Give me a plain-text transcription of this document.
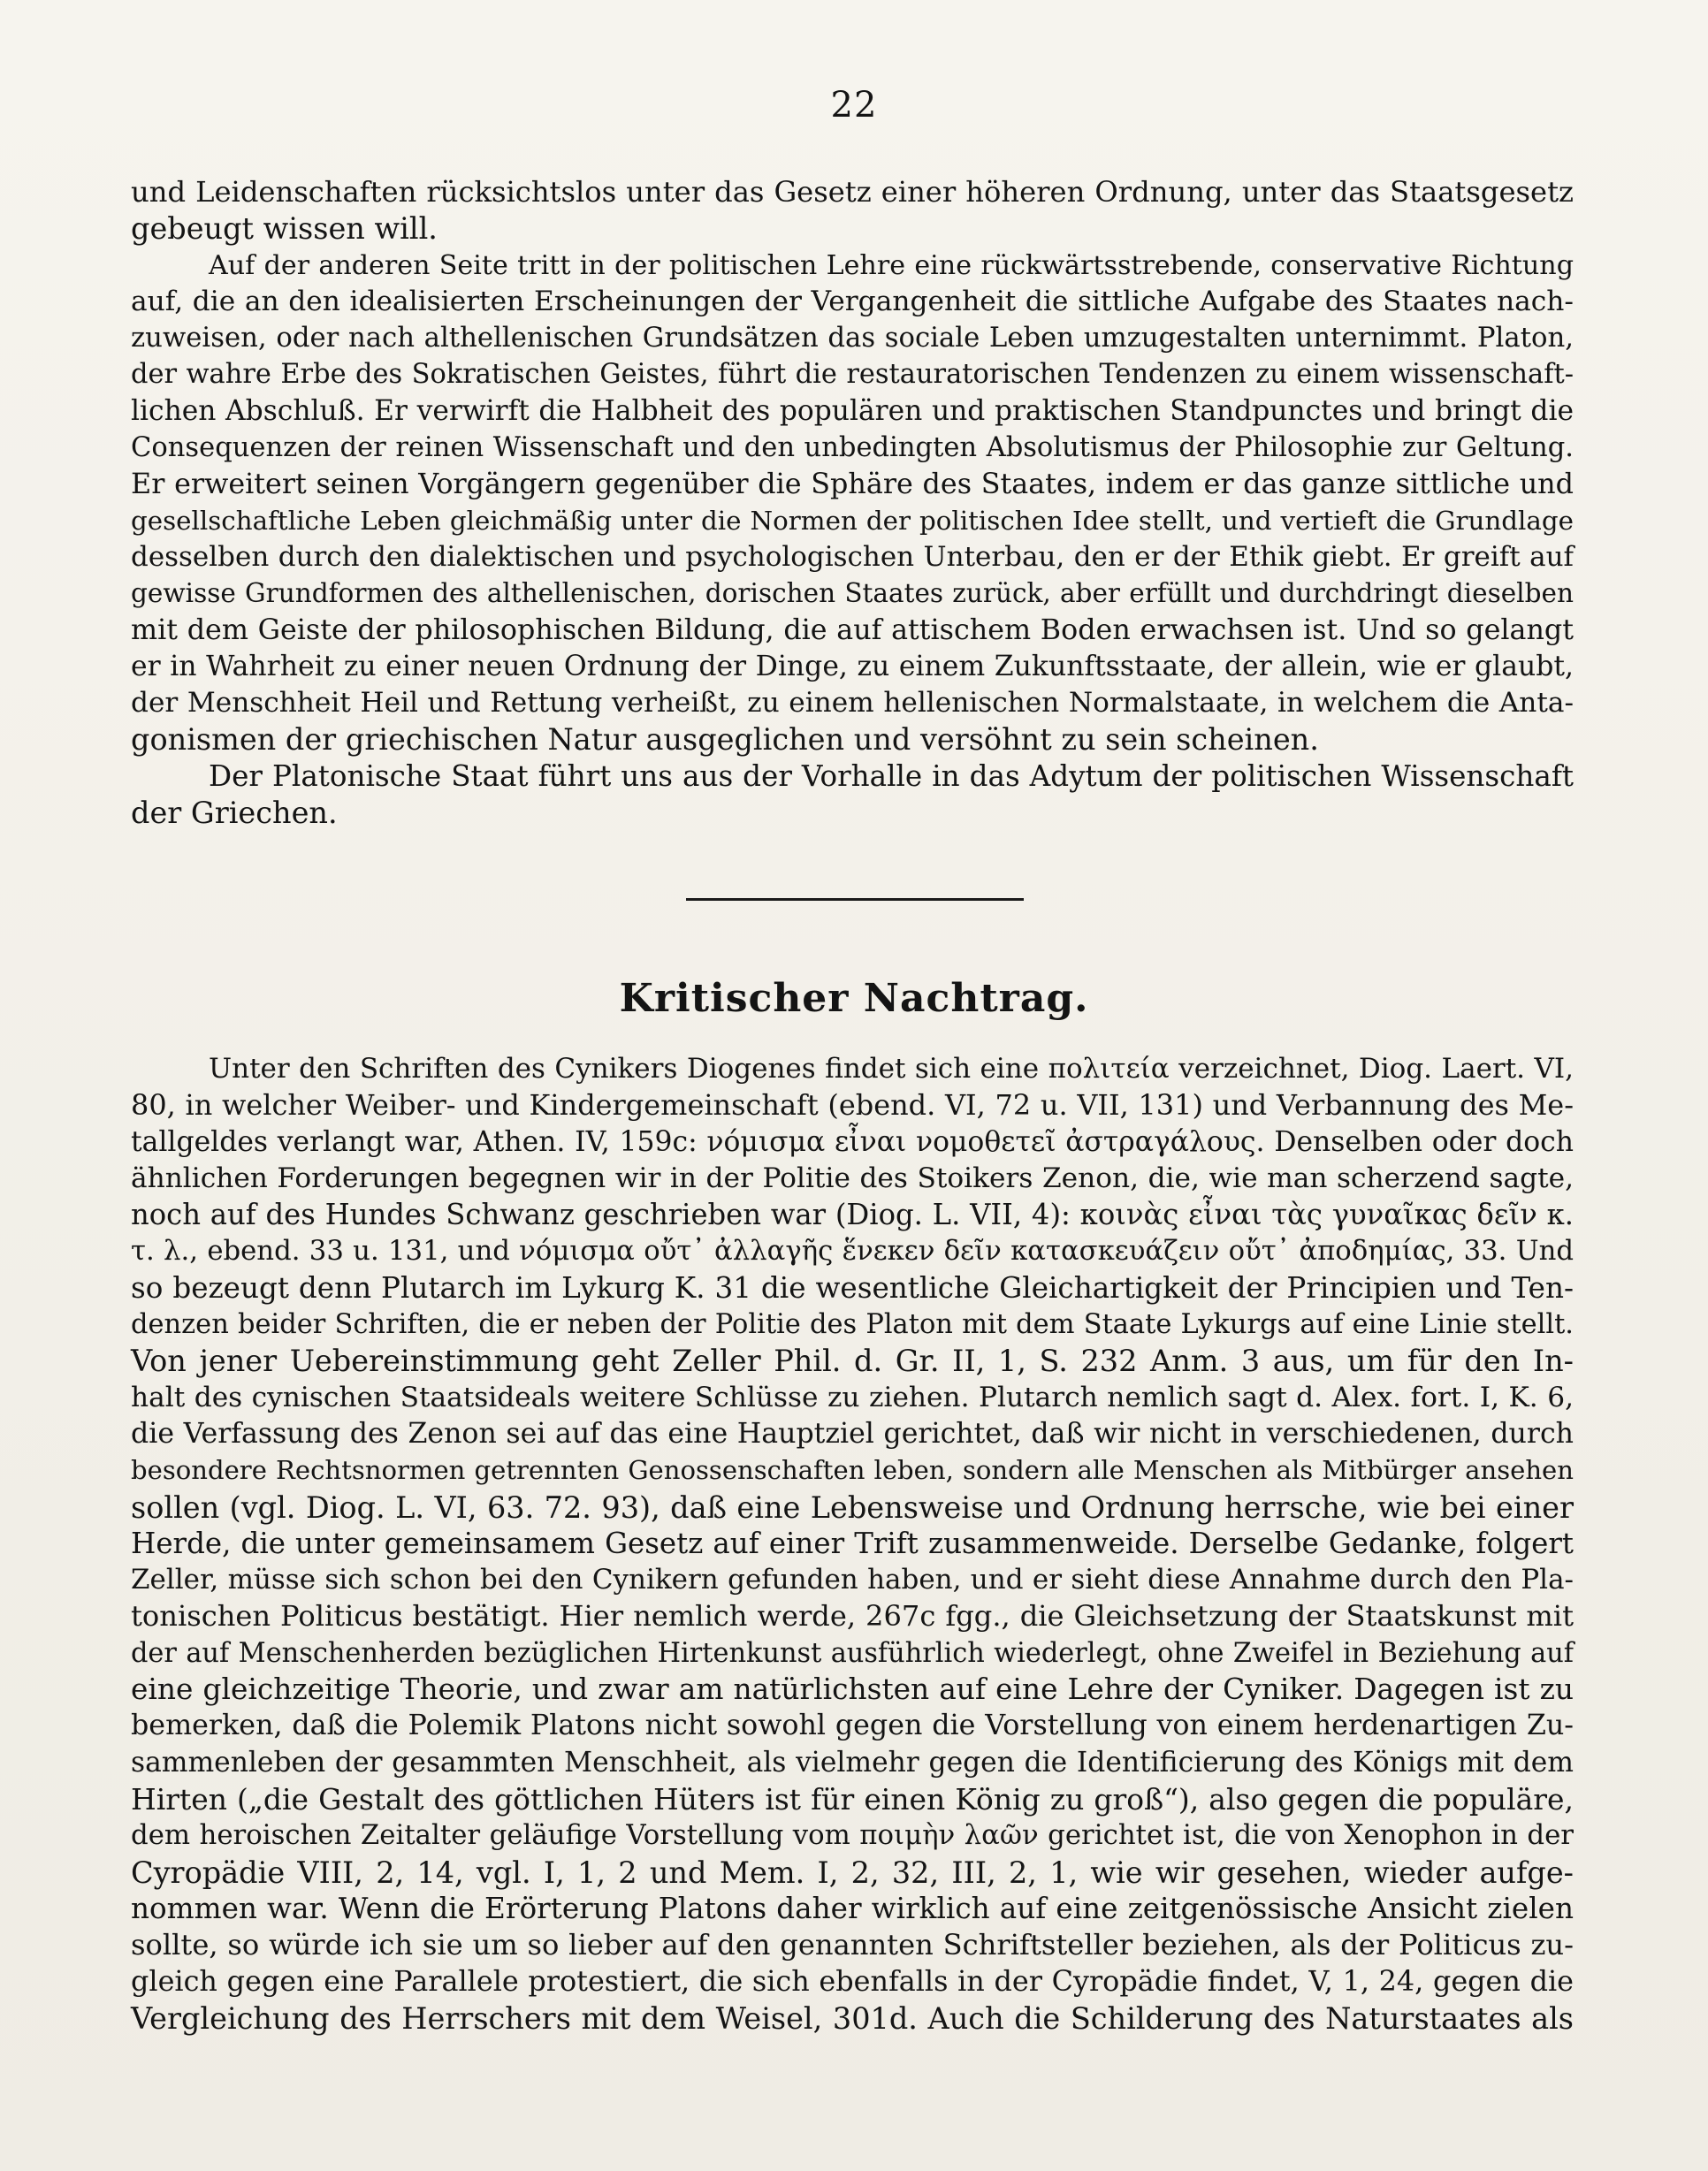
22
und Leidenschaften rücksichtslos unter das Gesetz einer höheren Ordnung, unter das Staatsgesetz
gebeugt wissen will.
Auf der anderen Seite tritt in der politischen Lehre eine rückwärtsstrebende, conservative Richtung
auf, die an den idealisierten Erscheinungen der Vergangenheit die sittliche Aufgabe des Staates nach-
zuweisen, oder nach althellenischen Grundsätzen das sociale Leben umzugestalten unternimmt. Platon,
der wahre Erbe des Sokratischen Geistes, führt die restauratorischen Tendenzen zu einem wissenschaft-
lichen Abschluß. Er verwirft die Halbheit des populären und praktischen Standpunctes und bringt die
Consequenzen der reinen Wissenschaft und den unbedingten Absolutismus der Philosophie zur Geltung.
Er erweitert seinen Vorgängern gegenüber die Sphäre des Staates, indem er das ganze sittliche und
gesellschaftliche Leben gleichmäßig unter die Normen der politischen Idee stellt, und vertieft die Grundlage
desselben durch den dialektischen und psychologischen Unterbau, den er der Ethik giebt. Er greift auf
gewisse Grundformen des althellenischen, dorischen Staates zurück, aber erfüllt und durchdringt dieselben
mit dem Geiste der philosophischen Bildung, die auf attischem Boden erwachsen ist. Und so gelangt
er in Wahrheit zu einer neuen Ordnung der Dinge, zu einem Zukunftsstaate, der allein, wie er glaubt,
der Menschheit Heil und Rettung verheißt, zu einem hellenischen Normalstaate, in welchem die Anta-
gonismen der griechischen Natur ausgeglichen und versöhnt zu sein scheinen.
Der Platonische Staat führt uns aus der Vorhalle in das Adytum der politischen Wissenschaft
der Griechen.
Kritischer Nachtrag.
Unter den Schriften des Cynikers Diogenes findet sich eine πολιτεία verzeichnet, Diog. Laert. VI,
80, in welcher Weiber- und Kindergemeinschaft (ebend. VI, 72 u. VII, 131) und Verbannung des Me-
tallgeldes verlangt war, Athen. IV, 159c: νόμισμα εἶναι νομοθετεῖ ἀστραγάλους. Denselben oder doch
ähnlichen Forderungen begegnen wir in der Politie des Stoikers Zenon, die, wie man scherzend sagte,
noch auf des Hundes Schwanz geschrieben war (Diog. L. VII, 4): κοινὰς εἶναι τὰς γυναῖκας δεῖν κ.
τ. λ., ebend. 33 u. 131, und νόμισμα οὔτ᾽ ἀλλαγῆς ἕνεκεν δεῖν κατασκευάζειν οὔτ᾽ ἀποδημίας, 33. Und
so bezeugt denn Plutarch im Lykurg K. 31 die wesentliche Gleichartigkeit der Principien und Ten-
denzen beider Schriften, die er neben der Politie des Platon mit dem Staate Lykurgs auf eine Linie stellt.
Von jener Uebereinstimmung geht Zeller Phil. d. Gr. II, 1, S. 232 Anm. 3 aus, um für den In-
halt des cynischen Staatsideals weitere Schlüsse zu ziehen. Plutarch nemlich sagt d. Alex. fort. I, K. 6,
die Verfassung des Zenon sei auf das eine Hauptziel gerichtet, daß wir nicht in verschiedenen, durch
besondere Rechtsnormen getrennten Genossenschaften leben, sondern alle Menschen als Mitbürger ansehen
sollen (vgl. Diog. L. VI, 63. 72. 93), daß eine Lebensweise und Ordnung herrsche, wie bei einer
Herde, die unter gemeinsamem Gesetz auf einer Trift zusammenweide. Derselbe Gedanke, folgert
Zeller, müsse sich schon bei den Cynikern gefunden haben, und er sieht diese Annahme durch den Pla-
tonischen Politicus bestätigt. Hier nemlich werde, 267c fgg., die Gleichsetzung der Staatskunst mit
der auf Menschenherden bezüglichen Hirtenkunst ausführlich wiederlegt, ohne Zweifel in Beziehung auf
eine gleichzeitige Theorie, und zwar am natürlichsten auf eine Lehre der Cyniker. Dagegen ist zu
bemerken, daß die Polemik Platons nicht sowohl gegen die Vorstellung von einem herdenartigen Zu-
sammenleben der gesammten Menschheit, als vielmehr gegen die Identificierung des Königs mit dem
Hirten („die Gestalt des göttlichen Hüters ist für einen König zu groß“), also gegen die populäre,
dem heroischen Zeitalter geläufige Vorstellung vom ποιμὴν λαῶν gerichtet ist, die von Xenophon in der
Cyropädie VIII, 2, 14, vgl. I, 1, 2 und Mem. I, 2, 32, III, 2, 1, wie wir gesehen, wieder aufge-
nommen war. Wenn die Erörterung Platons daher wirklich auf eine zeitgenössische Ansicht zielen
sollte, so würde ich sie um so lieber auf den genannten Schriftsteller beziehen, als der Politicus zu-
gleich gegen eine Parallele protestiert, die sich ebenfalls in der Cyropädie findet, V, 1, 24, gegen die
Vergleichung des Herrschers mit dem Weisel, 301d. Auch die Schilderung des Naturstaates als
